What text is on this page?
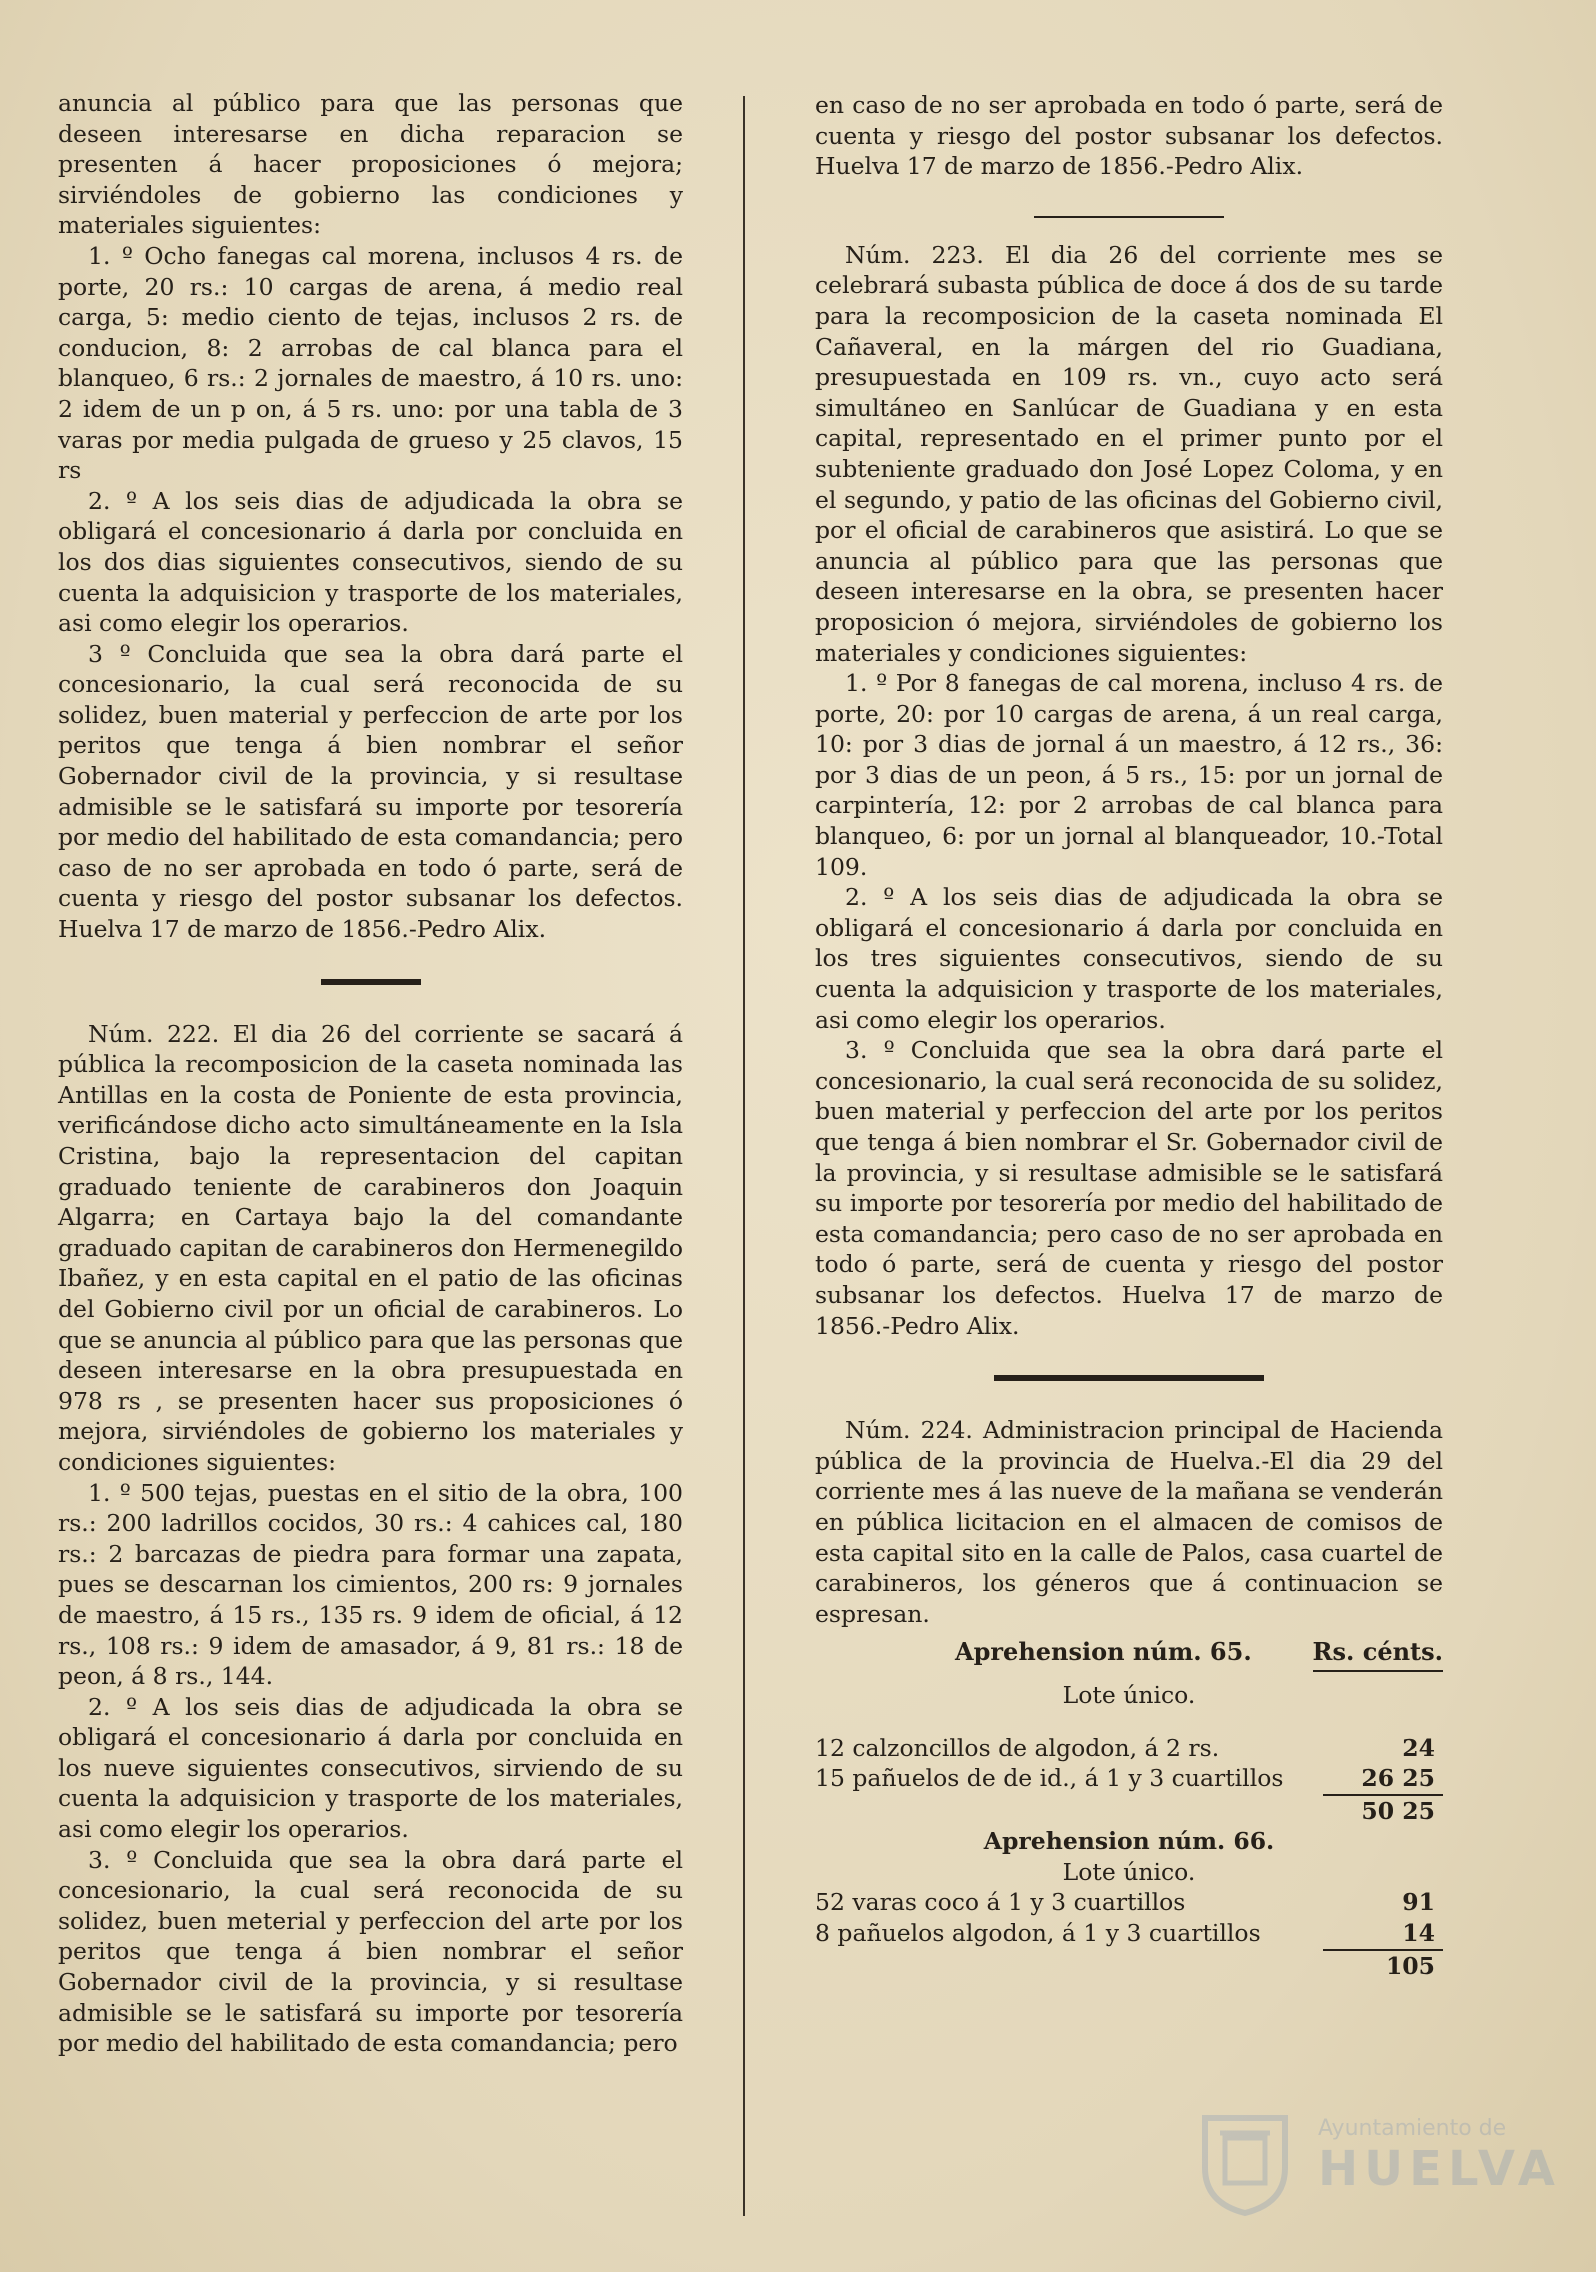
anuncia al público para que las personas que deseen interesarse en dicha reparacion se presenten á hacer proposiciones ó mejora; sirviéndoles de gobierno las condiciones y materiales siguientes:

1. º Ocho fanegas cal morena, inclusos 4 rs. de porte, 20 rs.: 10 cargas de arena, á medio real carga, 5: medio ciento de tejas, inclusos 2 rs. de conducion, 8: 2 arrobas de cal blanca para el blanqueo, 6 rs.: 2 jornales de maestro, á 10 rs. uno: 2 idem de un p on, á 5 rs. uno: por una tabla de 3 varas por media pulgada de grueso y 25 clavos, 15 rs

2. º A los seis dias de adjudicada la obra se obligará el concesionario á darla por concluida en los dos dias siguientes consecutivos, siendo de su cuenta la adquisicion y trasporte de los materiales, asi como elegir los operarios.

3 º Concluida que sea la obra dará parte el concesionario, la cual será reconocida de su solidez, buen material y perfeccion de arte por los peritos que tenga á bien nombrar el señor Gobernador civil de la provincia, y si resultase admisible se le satisfará su importe por tesorería por medio del habilitado de esta comandancia; pero caso de no ser aprobada en todo ó parte, será de cuenta y riesgo del postor subsanar los defectos. Huelva 17 de marzo de 1856.-Pedro Alix.

Núm. 222. El dia 26 del corriente se sacará á pública la recomposicion de la caseta nominada las Antillas en la costa de Poniente de esta provincia, verificándose dicho acto simultáneamente en la Isla Cristina, bajo la representacion del capitan graduado teniente de carabineros don Joaquin Algarra; en Cartaya bajo la del comandante graduado capitan de carabineros don Hermenegildo Ibañez, y en esta capital en el patio de las oficinas del Gobierno civil por un oficial de carabineros. Lo que se anuncia al público para que las personas que deseen interesarse en la obra presupuestada en 978 rs , se presenten hacer sus proposiciones ó mejora, sirviéndoles de gobierno los materiales y condiciones siguientes:

1. º 500 tejas, puestas en el sitio de la obra, 100 rs.: 200 ladrillos cocidos, 30 rs.: 4 cahices cal, 180 rs.: 2 barcazas de piedra para formar una zapata, pues se descarnan los cimientos, 200 rs: 9 jornales de maestro, á 15 rs., 135 rs. 9 idem de oficial, á 12 rs., 108 rs.: 9 idem de amasador, á 9, 81 rs.: 18 de peon, á 8 rs., 144.

2. º A los seis dias de adjudicada la obra se obligará el concesionario á darla por concluida en los nueve siguientes consecutivos, sirviendo de su cuenta la adquisicion y trasporte de los materiales, asi como elegir los operarios.

3. º Concluida que sea la obra dará parte el concesionario, la cual será reconocida de su solidez, buen meterial y perfeccion del arte por los peritos que tenga á bien nombrar el señor Gobernador civil de la provincia, y si resultase admisible se le satisfará su importe por tesorería por medio del habilitado de esta comandancia; pero

en caso de no ser aprobada en todo ó parte, será de cuenta y riesgo del postor subsanar los defectos. Huelva 17 de marzo de 1856.-Pedro Alix.

Núm. 223. El dia 26 del corriente mes se celebrará subasta pública de doce á dos de su tarde para la recomposicion de la caseta nominada El Cañaveral, en la márgen del rio Guadiana, presupuestada en 109 rs. vn., cuyo acto será simultáneo en Sanlúcar de Guadiana y en esta capital, representado en el primer punto por el subteniente graduado don José Lopez Coloma, y en el segundo, y patio de las oficinas del Gobierno civil, por el oficial de carabineros que asistirá. Lo que se anuncia al público para que las personas que deseen interesarse en la obra, se presenten hacer proposicion ó mejora, sirviéndoles de gobierno los materiales y condiciones siguientes:

1. º Por 8 fanegas de cal morena, incluso 4 rs. de porte, 20: por 10 cargas de arena, á un real carga, 10: por 3 dias de jornal á un maestro, á 12 rs., 36: por 3 dias de un peon, á 5 rs., 15: por un jornal de carpintería, 12: por 2 arrobas de cal blanca para blanqueo, 6: por un jornal al blanqueador, 10.-Total 109.

2. º A los seis dias de adjudicada la obra se obligará el concesionario á darla por concluida en los tres siguientes consecutivos, siendo de su cuenta la adquisicion y trasporte de los materiales, asi como elegir los operarios.

3. º Concluida que sea la obra dará parte el concesionario, la cual será reconocida de su solidez, buen material y perfeccion del arte por los peritos que tenga á bien nombrar el Sr. Gobernador civil de la provincia, y si resultase admisible se le satisfará su importe por tesorería por medio del habilitado de esta comandancia; pero caso de no ser aprobada en todo ó parte, será de cuenta y riesgo del postor subsanar los defectos. Huelva 17 de marzo de 1856.-Pedro Alix.

Núm. 224. Administracion principal de Hacienda pública de la provincia de Huelva.-El dia 29 del corriente mes á las nueve de la mañana se venderán en pública licitacion en el almacen de comisos de esta capital sito en la calle de Palos, casa cuartel de carabineros, los géneros que á continuacion se espresan.

Aprehension núm. 65.	Rs. cénts.

Lote único.

12 calzoncillos de algodon, á 2 rs.	24
15 pañuelos de de id., á 1 y 3 cuartillos	26 25
50 25

Aprehension núm. 66.

Lote único.

52 varas coco á 1 y 3 cuartillos	91
8 pañuelos algodon, á 1 y 3 cuartillos	14
105
Ayuntamiento de
HUELVA
